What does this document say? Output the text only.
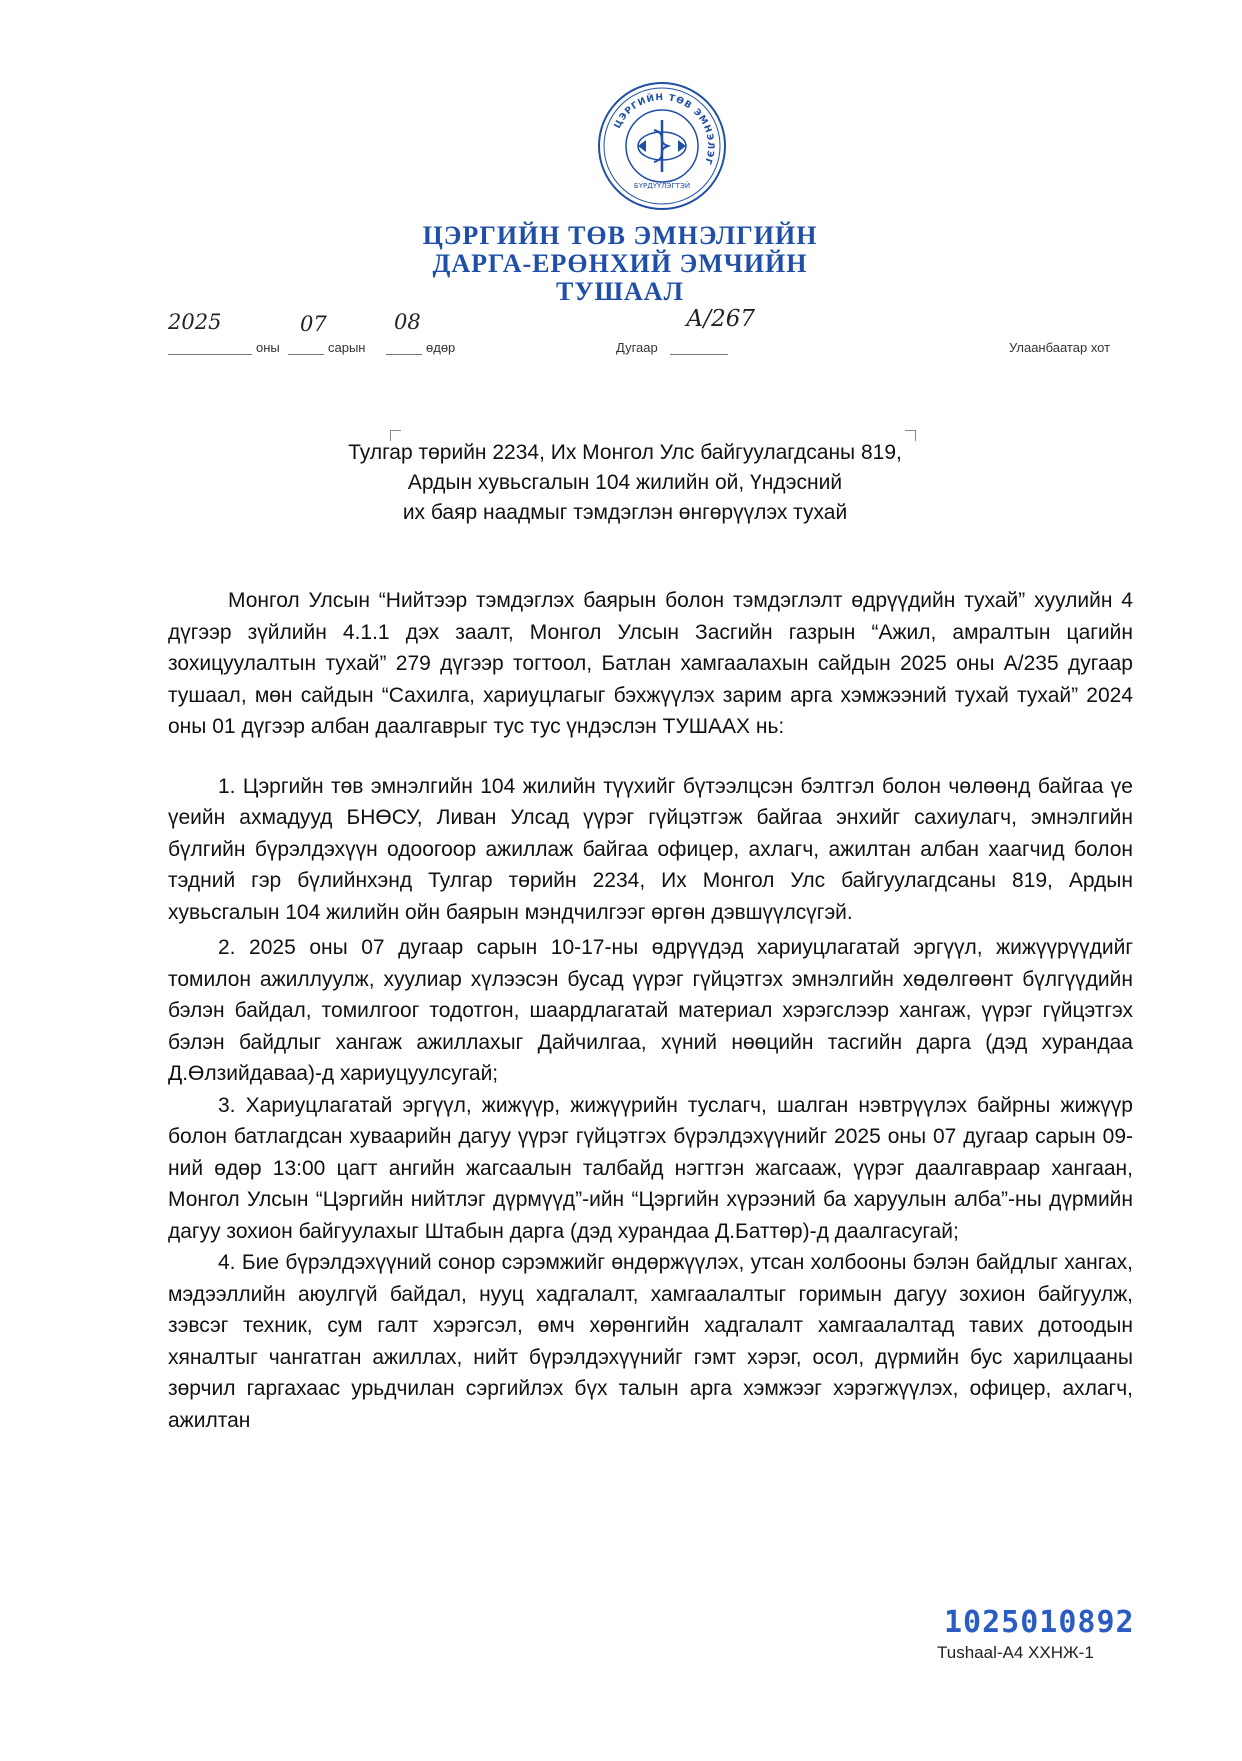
ЦЭРГИЙН ТӨВ ЭМНЭЛЭГ
БҮРДҮҮЛЭГТЭЙ
ЦЭРГИЙН ТӨВ ЭМНЭЛГИЙН
ДАРГА-ЕРӨНХИЙ ЭМЧИЙН
ТУШААЛ
2025
оны
07
сарын
08
өдөр	Дугаар
А/267
Улаанбаатар хот
Тулгар төрийн 2234, Их Монгол Улс байгуулагдсаны 819,
Ардын хувьсгалын 104 жилийн ой, Үндэсний
их баяр наадмыг тэмдэглэн өнгөрүүлэх тухай

Монгол Улсын “Нийтээр тэмдэглэх баярын болон тэмдэглэлт өдрүүдийн тухай” хуулийн 4 дүгээр зүйлийн 4.1.1 дэх заалт, Монгол Улсын Засгийн газрын “Ажил, амралтын цагийн зохицуулалтын тухай” 279 дүгээр тогтоол, Батлан хамгаалахын сайдын 2025 оны А/235 дугаар тушаал, мөн сайдын “Сахилга, хариуцлагыг бэхжүүлэх зарим арга хэмжээний тухай тухай” 2024 оны 01 дүгээр албан даалгаврыг тус тус үндэслэн ТУШААХ нь:

1. Цэргийн төв эмнэлгийн 104 жилийн түүхийг бүтээлцсэн бэлтгэл болон чөлөөнд байгаа үе үеийн ахмадууд БНӨСУ, Ливан Улсад үүрэг гүйцэтгэж байгаа энхийг сахиулагч, эмнэлгийн бүлгийн бүрэлдэхүүн одоогоор ажиллаж байгаа офицер, ахлагч, ажилтан албан хаагчид болон тэдний гэр бүлийнхэнд Тулгар төрийн 2234, Их Монгол Улс байгуулагдсаны 819, Ардын хувьсгалын 104 жилийн ойн баярын мэндчилгээг өргөн дэвшүүлсүгэй.

2. 2025 оны 07 дугаар сарын 10-17-ны өдрүүдэд хариуцлагатай эргүүл, жижүүрүүдийг томилон ажиллуулж, хуулиар хүлээсэн бусад үүрэг гүйцэтгэх эмнэлгийн хөдөлгөөнт бүлгүүдийн бэлэн байдал, томилгоог тодотгон, шаардлагатай материал хэрэгслээр хангаж, үүрэг гүйцэтгэх бэлэн байдлыг хангаж ажиллахыг Дайчилгаа, хүний нөөцийн тасгийн дарга (дэд хурандаа Д.Өлзийдаваа)-д хариуцуулсугай;

3. Хариуцлагатай эргүүл, жижүүр, жижүүрийн туслагч, шалган нэвтрүүлэх байрны жижүүр болон батлагдсан хуваарийн дагуу үүрэг гүйцэтгэх бүрэлдэхүүнийг 2025 оны 07 дугаар сарын 09-ний өдөр 13:00 цагт ангийн жагсаалын талбайд нэгтгэн жагсааж, үүрэг даалгавраар хангаан, Монгол Улсын “Цэргийн нийтлэг дүрмүүд”-ийн “Цэргийн хүрээний ба харуулын алба”-ны дүрмийн дагуу зохион байгуулахыг Штабын дарга (дэд хурандаа Д.Баттөр)-д даалгасугай;

4. Бие бүрэлдэхүүний сонор сэрэмжийг өндөржүүлэх, утсан холбооны бэлэн байдлыг хангах, мэдээллийн аюулгүй байдал, нууц хадгалалт, хамгаалалтыг горимын дагуу зохион байгуулж, зэвсэг техник, сум галт хэрэгсэл, өмч хөрөнгийн хадгалалт хамгаалалтад тавих дотоодын хяналтыг чангатган ажиллах, нийт бүрэлдэхүүнийг гэмт хэрэг, осол, дүрмийн бус харилцааны зөрчил гаргахаас урьдчилан сэргийлэх бүх талын арга хэмжээг хэрэгжүүлэх, офицер, ахлагч, ажилтан

1025010892
Tushaal-A4 ХХНЖ-1
